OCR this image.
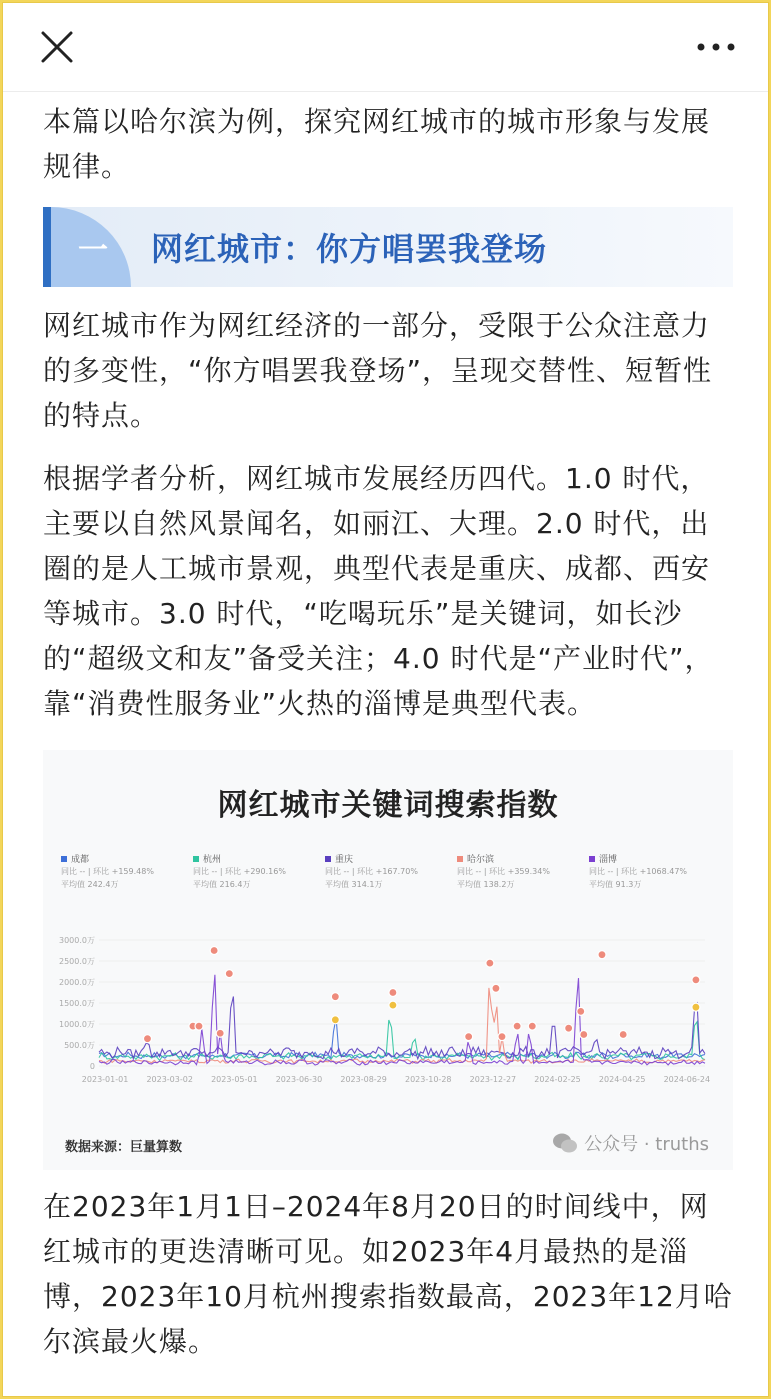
本篇以哈尔滨为例，探究网红城市的城市形象与发展规律。

一 网红城市：你方唱罢我登场

网红城市作为网红经济的一部分，受限于公众注意力的多变性，“你方唱罢我登场”，呈现交替性、短暂性的特点。

根据学者分析，网红城市发展经历四代。1.0 时代，主要以自然风景闻名，如丽江、大理。2.0 时代，出圈的是人工城市景观，典型代表是重庆、成都、西安等城市。3.0 时代，“吃喝玩乐”是关键词，如长沙的“超级文和友”备受关注；4.0 时代是“产业时代”，靠“消费性服务业”火热的淄博是典型代表。

网红城市关键词搜索指数
成都
同比 -- | 环比 +159.48%
平均值 242.4万
杭州
同比 -- | 环比 +290.16%
平均值 216.4万
重庆
同比 -- | 环比 +167.70%
平均值 314.1万
哈尔滨
同比 -- | 环比 +359.34%
平均值 138.2万
淄博
同比 -- | 环比 +1068.47%
平均值 91.3万
0
500.0万
1000.0万
1500.0万
2000.0万
2500.0万
3000.0万
2023-01-01 2023-03-02 2023-05-01 2023-06-30 2023-08-29 2023-10-28 2023-12-27 2024-02-25 2024-04-25 2024-06-24
数据来源：巨量算数	公众号 · truths

在2023年1月1日–2024年8月20日的时间线中，网红城市的更迭清晰可见。如2023年4月最热的是淄博，2023年10月杭州搜索指数最高，2023年12月哈尔滨最火爆。
